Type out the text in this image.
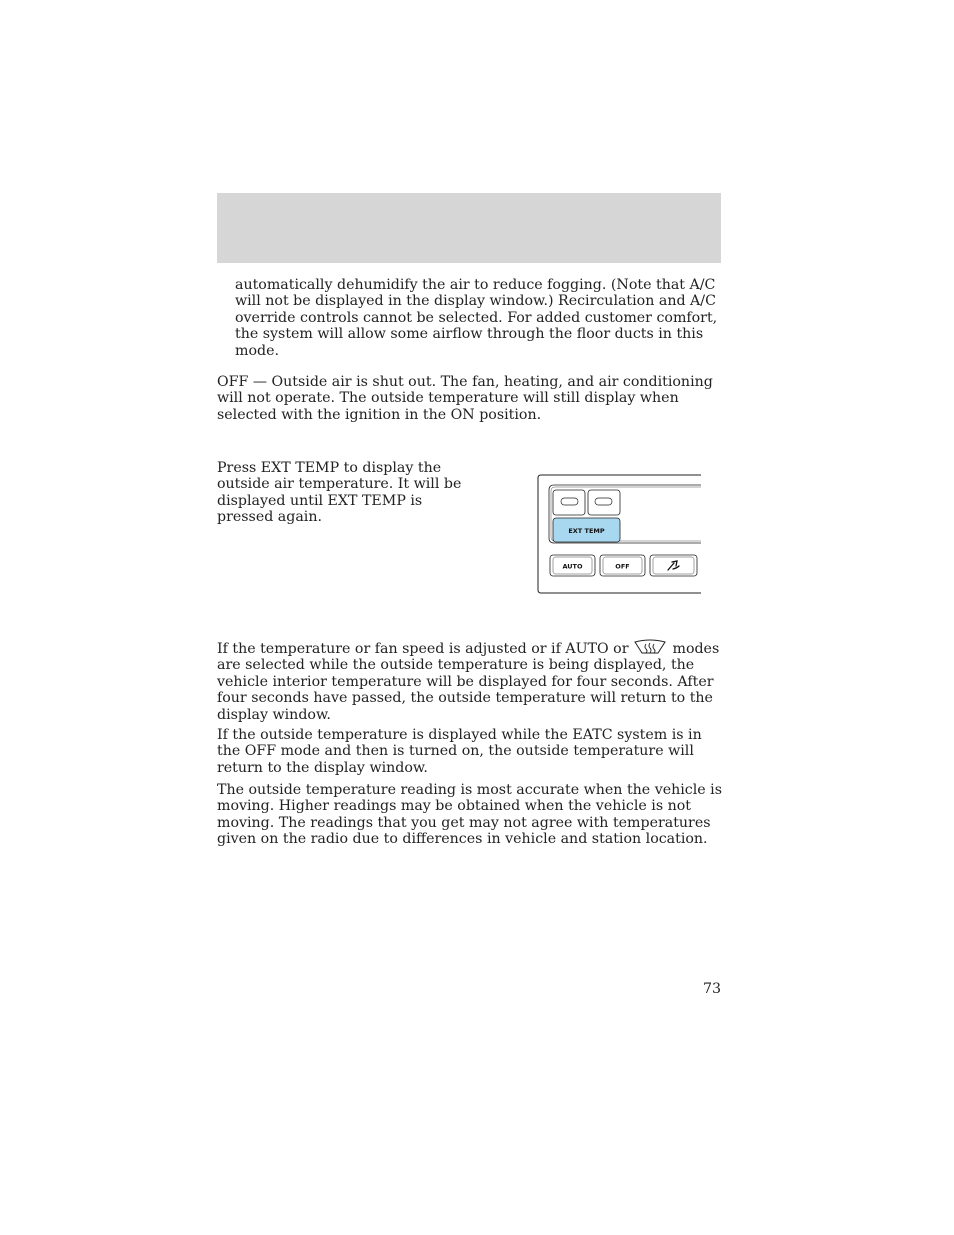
automatically dehumidify the air to reduce fogging. (Note that A/C will not be displayed in the display window.) Recirculation and A/C override controls cannot be selected. For added customer comfort, the system will allow some airflow through the floor ducts in this mode.

OFF — Outside air is shut out. The fan, heating, and air conditioning will not operate. The outside temperature will still display when selected with the ignition in the ON position.

Press EXT TEMP to display the outside air temperature. It will be displayed until EXT TEMP is pressed again.

EXT TEMP
AUTO	OFF

If the temperature or fan speed is adjusted or if AUTO or	modes are selected while the outside temperature is being displayed, the vehicle interior temperature will be displayed for four seconds. After four seconds have passed, the outside temperature will return to the display window.

If the outside temperature is displayed while the EATC system is in the OFF mode and then is turned on, the outside temperature will return to the display window.

The outside temperature reading is most accurate when the vehicle is moving. Higher readings may be obtained when the vehicle is not moving. The readings that you get may not agree with temperatures given on the radio due to differences in vehicle and station location.

73
